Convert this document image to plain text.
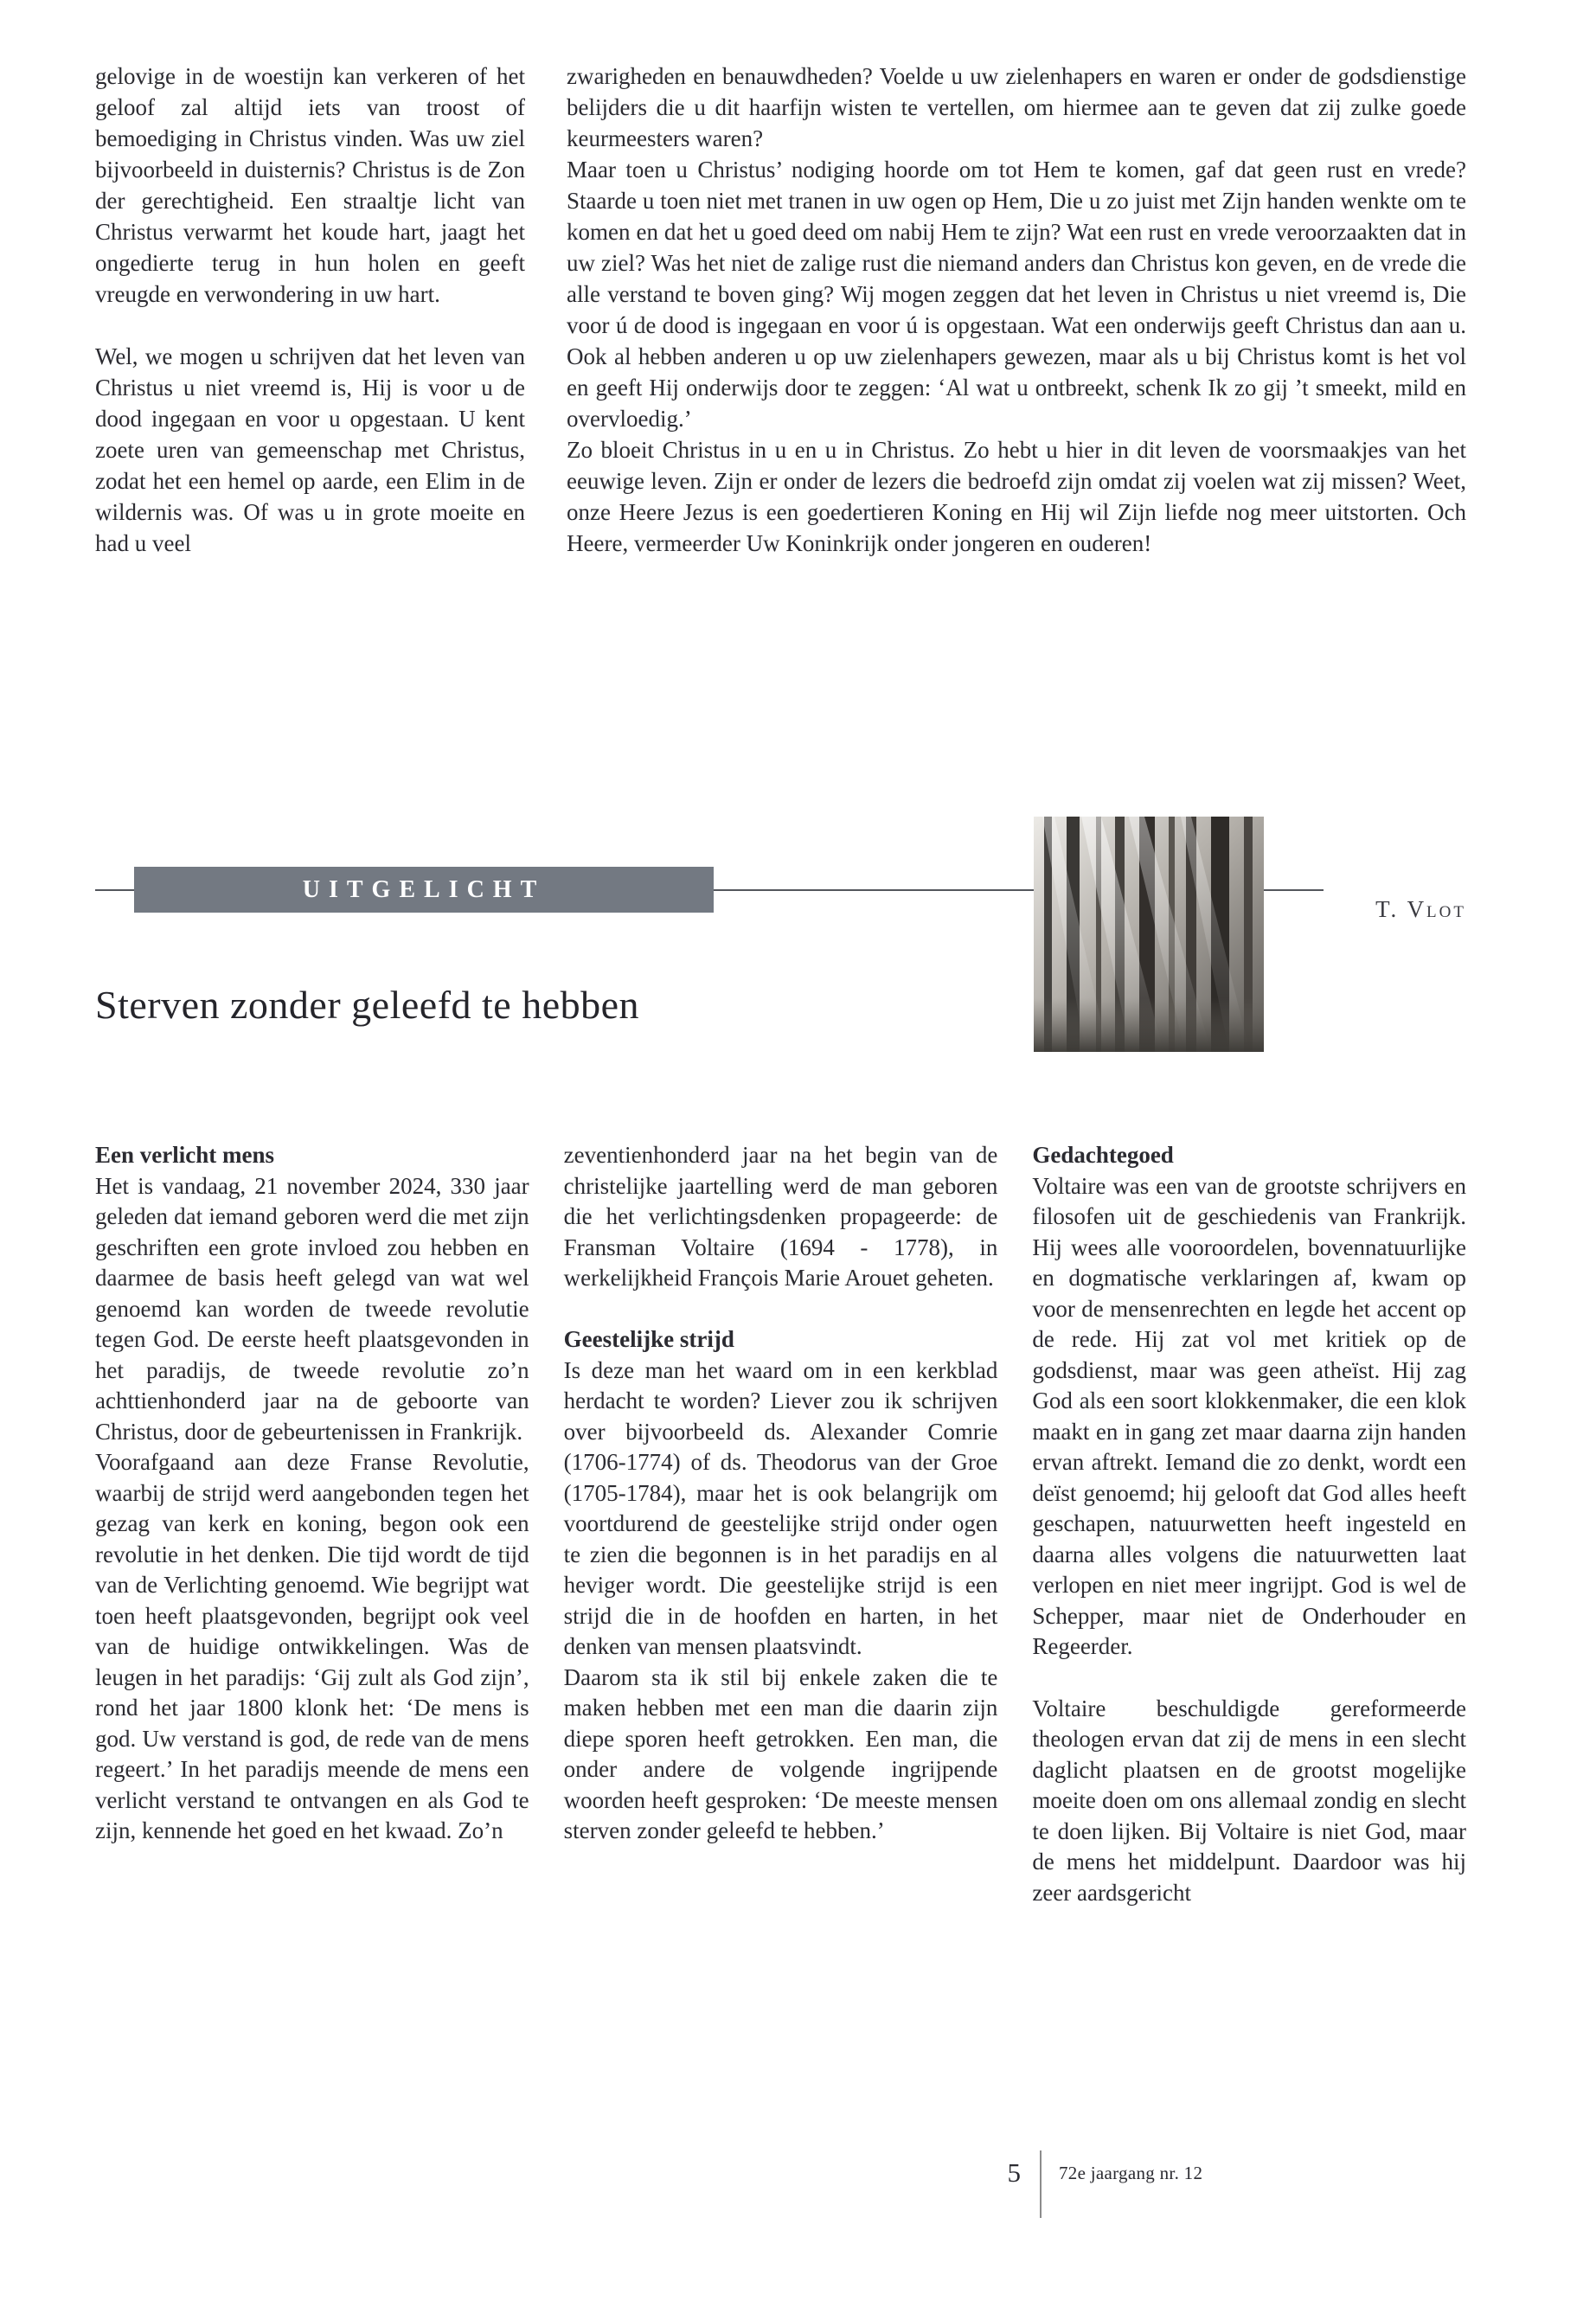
gelovige in de woestijn kan verkeren of het geloof zal altijd iets van troost of bemoediging in Christus vinden. Was uw ziel bijvoorbeeld in duisternis? Christus is de Zon der gerechtigheid. Een straaltje licht van Christus verwarmt het koude hart, jaagt het ongedierte terug in hun holen en geeft vreugde en verwondering in uw hart.

Wel, we mogen u schrijven dat het leven van Christus u niet vreemd is, Hij is voor u de dood ingegaan en voor u opgestaan. U kent zoete uren van gemeenschap met Christus, zodat het een hemel op aarde, een Elim in de wildernis was. Of was u in grote moeite en had u veel

zwarigheden en benauwdheden? Voelde u uw zielenhapers en waren er onder de godsdienstige belijders die u dit haarfijn wisten te vertellen, om hiermee aan te geven dat zij zulke goede keurmeesters waren?

Maar toen u Christus’ nodiging hoorde om tot Hem te komen, gaf dat geen rust en vrede? Staarde u toen niet met tranen in uw ogen op Hem, Die u zo juist met Zijn handen wenkte om te komen en dat het u goed deed om nabij Hem te zijn? Wat een rust en vrede veroorzaakten dat in uw ziel? Was het niet de zalige rust die niemand anders dan Christus kon geven, en de vrede die alle verstand te boven ging? Wij mogen zeggen dat het leven in Christus u niet vreemd is, Die voor ú de dood is ingegaan en voor ú is opgestaan. Wat een onderwijs geeft Christus dan aan u. Ook al hebben anderen u op uw zielenhapers gewezen, maar als u bij Christus komt is het vol en geeft Hij onderwijs door te zeggen: ‘Al wat u ontbreekt, schenk Ik zo gij ’t smeekt, mild en overvloedig.’

Zo bloeit Christus in u en u in Christus. Zo hebt u hier in dit leven de voorsmaakjes van het eeuwige leven. Zijn er onder de lezers die bedroefd zijn omdat zij voelen wat zij missen? Weet, onze Heere Jezus is een goedertieren Koning en Hij wil Zijn liefde nog meer uitstorten. Och Heere, vermeerder Uw Koninkrijk onder jongeren en ouderen!

UITGELICHT
T. Vlot
Sterven zonder geleefd te hebben
Een verlicht mens

Het is vandaag, 21 november 2024, 330 jaar geleden dat iemand geboren werd die met zijn geschriften een grote invloed zou hebben en daarmee de basis heeft gelegd van wat wel genoemd kan worden de tweede revolutie tegen God. De eerste heeft plaatsgevonden in het paradijs, de tweede revolutie zo’n achttienhonderd jaar na de geboorte van Christus, door de gebeurtenissen in Frankrijk.

Voorafgaand aan deze Franse Revolutie, waarbij de strijd werd aangebonden tegen het gezag van kerk en koning, begon ook een revolutie in het denken. Die tijd wordt de tijd van de Verlichting genoemd. Wie begrijpt wat toen heeft plaatsgevonden, begrijpt ook veel van de huidige ontwikkelingen. Was de leugen in het paradijs: ‘Gij zult als God zijn’, rond het jaar 1800 klonk het: ‘De mens is god. Uw verstand is god, de rede van de mens regeert.’ In het paradijs meende de mens een verlicht verstand te ontvangen en als God te zijn, kennende het goed en het kwaad. Zo’n

zeventienhonderd jaar na het begin van de christelijke jaartelling werd de man geboren die het verlichtingsdenken propageerde: de Fransman Voltaire (1694 - 1778), in werkelijkheid François Marie Arouet geheten.

Geestelijke strijd

Is deze man het waard om in een kerkblad herdacht te worden? Liever zou ik schrijven over bijvoorbeeld ds. Alexander Comrie (1706-1774) of ds. Theodorus van der Groe (1705-1784), maar het is ook belangrijk om voortdurend de geestelijke strijd onder ogen te zien die begonnen is in het paradijs en al heviger wordt. Die geestelijke strijd is een strijd die in de hoofden en harten, in het denken van mensen plaatsvindt.

Daarom sta ik stil bij enkele zaken die te maken hebben met een man die daarin zijn diepe sporen heeft getrokken. Een man, die onder andere de volgende ingrijpende woorden heeft gesproken: ‘De meeste mensen sterven zonder geleefd te hebben.’

Gedachtegoed

Voltaire was een van de grootste schrijvers en filosofen uit de geschiedenis van Frankrijk. Hij wees alle vooroordelen, bovennatuurlijke en dogmatische verklaringen af, kwam op voor de mensenrechten en legde het accent op de rede. Hij zat vol met kritiek op de godsdienst, maar was geen atheïst. Hij zag God als een soort klokkenmaker, die een klok maakt en in gang zet maar daarna zijn handen ervan aftrekt. Iemand die zo denkt, wordt een deïst genoemd; hij gelooft dat God alles heeft geschapen, natuurwetten heeft ingesteld en daarna alles volgens die natuurwetten laat verlopen en niet meer ingrijpt. God is wel de Schepper, maar niet de Onderhouder en Regeerder.

Voltaire beschuldigde gereformeerde theologen ervan dat zij de mens in een slecht daglicht plaatsen en de grootst mogelijke moeite doen om ons allemaal zondig en slecht te doen lijken. Bij Voltaire is niet God, maar de mens het middelpunt. Daardoor was hij zeer aardsgericht

5 72e jaargang nr. 12
